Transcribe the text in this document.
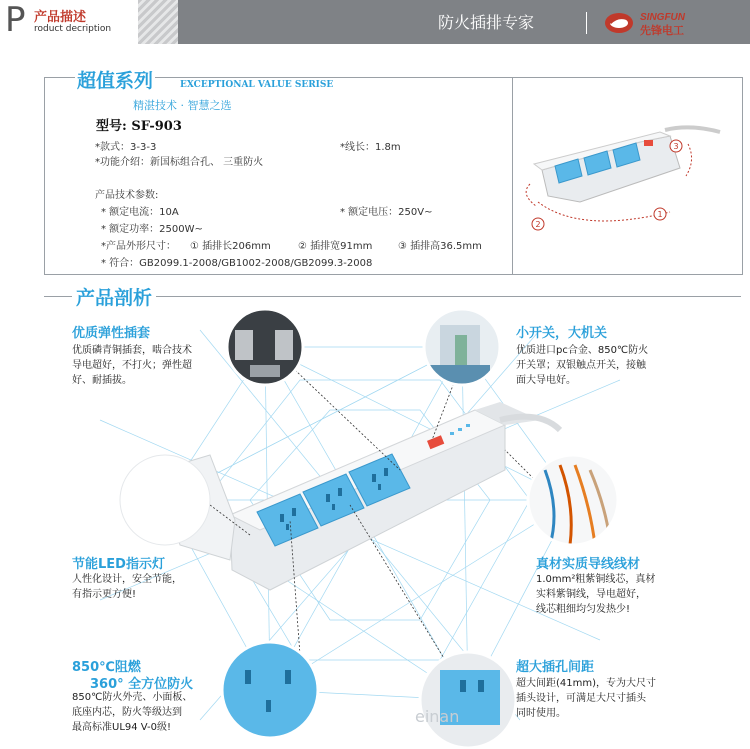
P 产品描述
roduct decription	防火插排专家	SINGFUN
先锋电工
超值系列	EXCEPTIONAL VALUE SERISE
精湛技术 · 智慧之选
型号: SF-903
*款式：3-3-3	*线长：1.8m
*功能介绍：新国标组合孔、 三重防火
产品技术参数:
* 额定电流：10A	* 额定电压：250V~
* 额定功率：2500W~
*产品外形尺寸： ① 插排长206mm	② 插排宽91mm	③ 插排高36.5mm
* 符合：GB2099.1-2008/GB1002-2008/GB2099.3-2008
2
1
3
产品剖析
einan
优质弹性插套
优质磷青铜插套，啮合技术
导电超好，不打火；弹性超
好、耐插拔。
小开关，大机关
优质进口pc合金、850℃防火
开关罩；双银触点开关，接触
面大导电好。
节能LED指示灯
人性化设计，安全节能，
有指示更方便!
真材实质导线线材
1.0mm²粗紫铜线芯，真材
实料紫铜线，导电超好，
线芯粗细均匀发热少!
850℃阻燃
360° 全方位防火
850℃防火外壳、小面板、
底座内芯，防火等级达到
最高标准UL94 V-0级!
超大插孔间距
超大间距(41mm)，专为大尺寸
插头设计，可满足大尺寸插头
同时使用。
